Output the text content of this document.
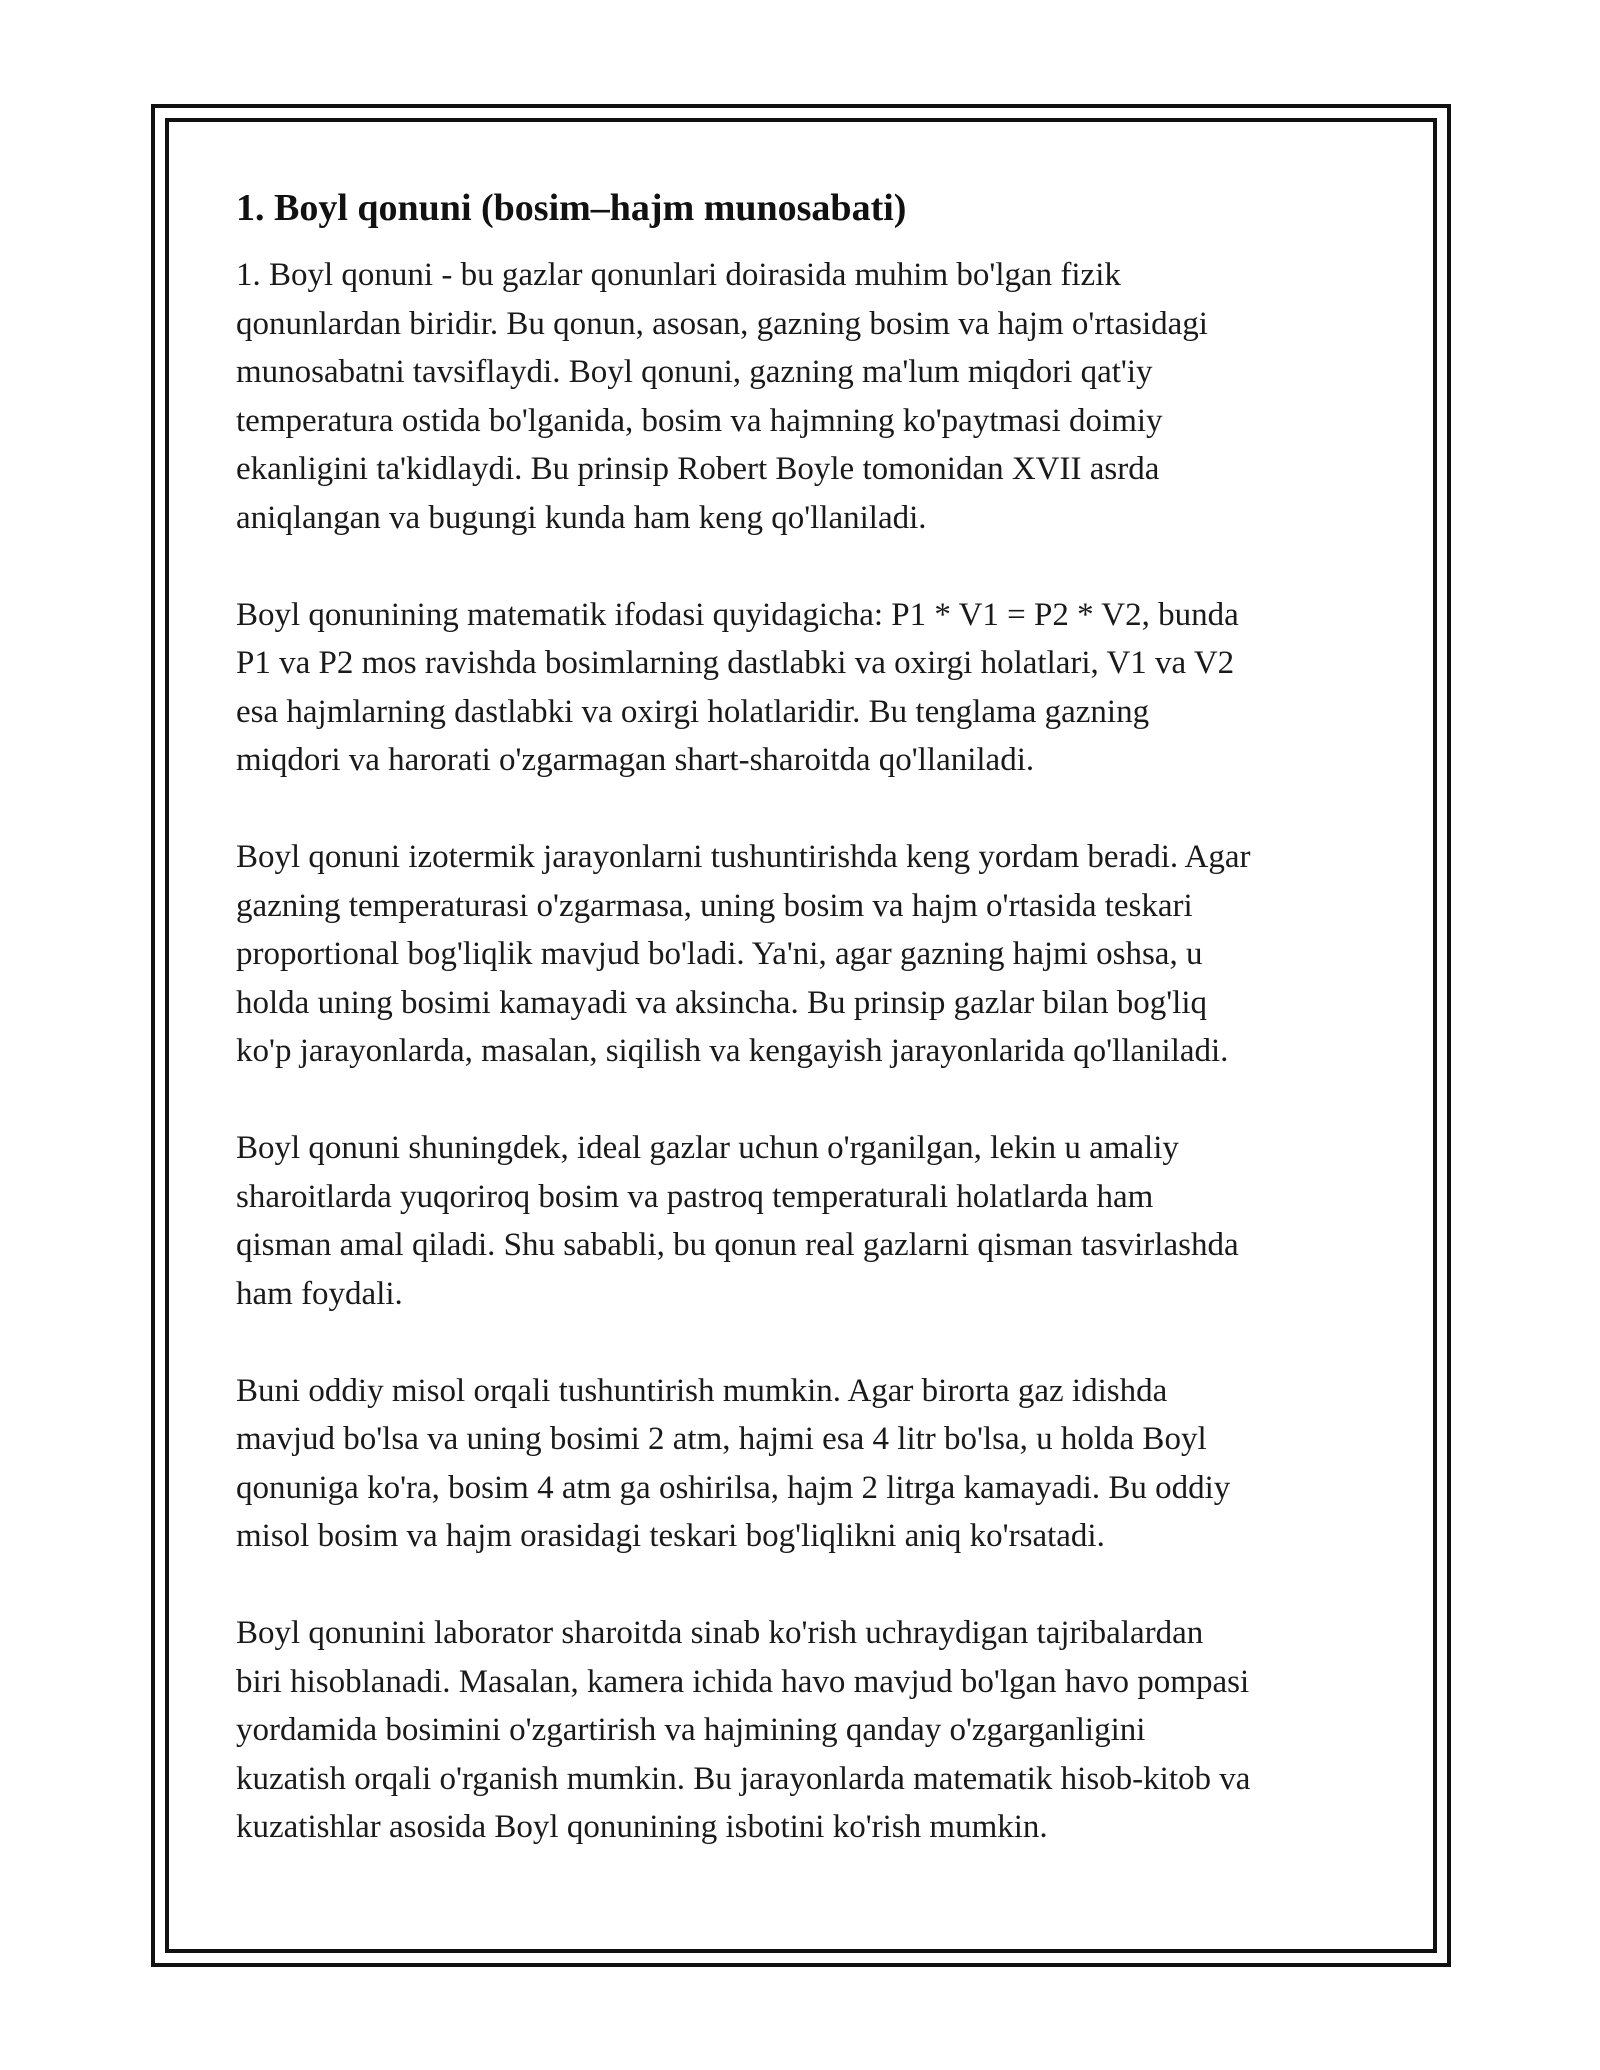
1. Boyl qonuni (bosim–hajm munosabati)
1. Boyl qonuni - bu gazlar qonunlari doirasida muhim bo'lgan fizik
qonunlardan biridir. Bu qonun, asosan, gazning bosim va hajm o'rtasidagi
munosabatni tavsiflaydi. Boyl qonuni, gazning ma'lum miqdori qat'iy
temperatura ostida bo'lganida, bosim va hajmning ko'paytmasi doimiy
ekanligini ta'kidlaydi. Bu prinsip Robert Boyle tomonidan XVII asrda
aniqlangan va bugungi kunda ham keng qo'llaniladi.
Boyl qonunining matematik ifodasi quyidagicha: P1 * V1 = P2 * V2, bunda
P1 va P2 mos ravishda bosimlarning dastlabki va oxirgi holatlari, V1 va V2
esa hajmlarning dastlabki va oxirgi holatlaridir. Bu tenglama gazning
miqdori va harorati o'zgarmagan shart-sharoitda qo'llaniladi.
Boyl qonuni izotermik jarayonlarni tushuntirishda keng yordam beradi. Agar
gazning temperaturasi o'zgarmasa, uning bosim va hajm o'rtasida teskari
proportional bog'liqlik mavjud bo'ladi. Ya'ni, agar gazning hajmi oshsa, u
holda uning bosimi kamayadi va aksincha. Bu prinsip gazlar bilan bog'liq
ko'p jarayonlarda, masalan, siqilish va kengayish jarayonlarida qo'llaniladi.
Boyl qonuni shuningdek, ideal gazlar uchun o'rganilgan, lekin u amaliy
sharoitlarda yuqoriroq bosim va pastroq temperaturali holatlarda ham
qisman amal qiladi. Shu sababli, bu qonun real gazlarni qisman tasvirlashda
ham foydali.
Buni oddiy misol orqali tushuntirish mumkin. Agar birorta gaz idishda
mavjud bo'lsa va uning bosimi 2 atm, hajmi esa 4 litr bo'lsa, u holda Boyl
qonuniga ko'ra, bosim 4 atm ga oshirilsa, hajm 2 litrga kamayadi. Bu oddiy
misol bosim va hajm orasidagi teskari bog'liqlikni aniq ko'rsatadi.
Boyl qonunini laborator sharoitda sinab ko'rish uchraydigan tajribalardan
biri hisoblanadi. Masalan, kamera ichida havo mavjud bo'lgan havo pompasi
yordamida bosimini o'zgartirish va hajmining qanday o'zgarganligini
kuzatish orqali o'rganish mumkin. Bu jarayonlarda matematik hisob-kitob va
kuzatishlar asosida Boyl qonunining isbotini ko'rish mumkin.
